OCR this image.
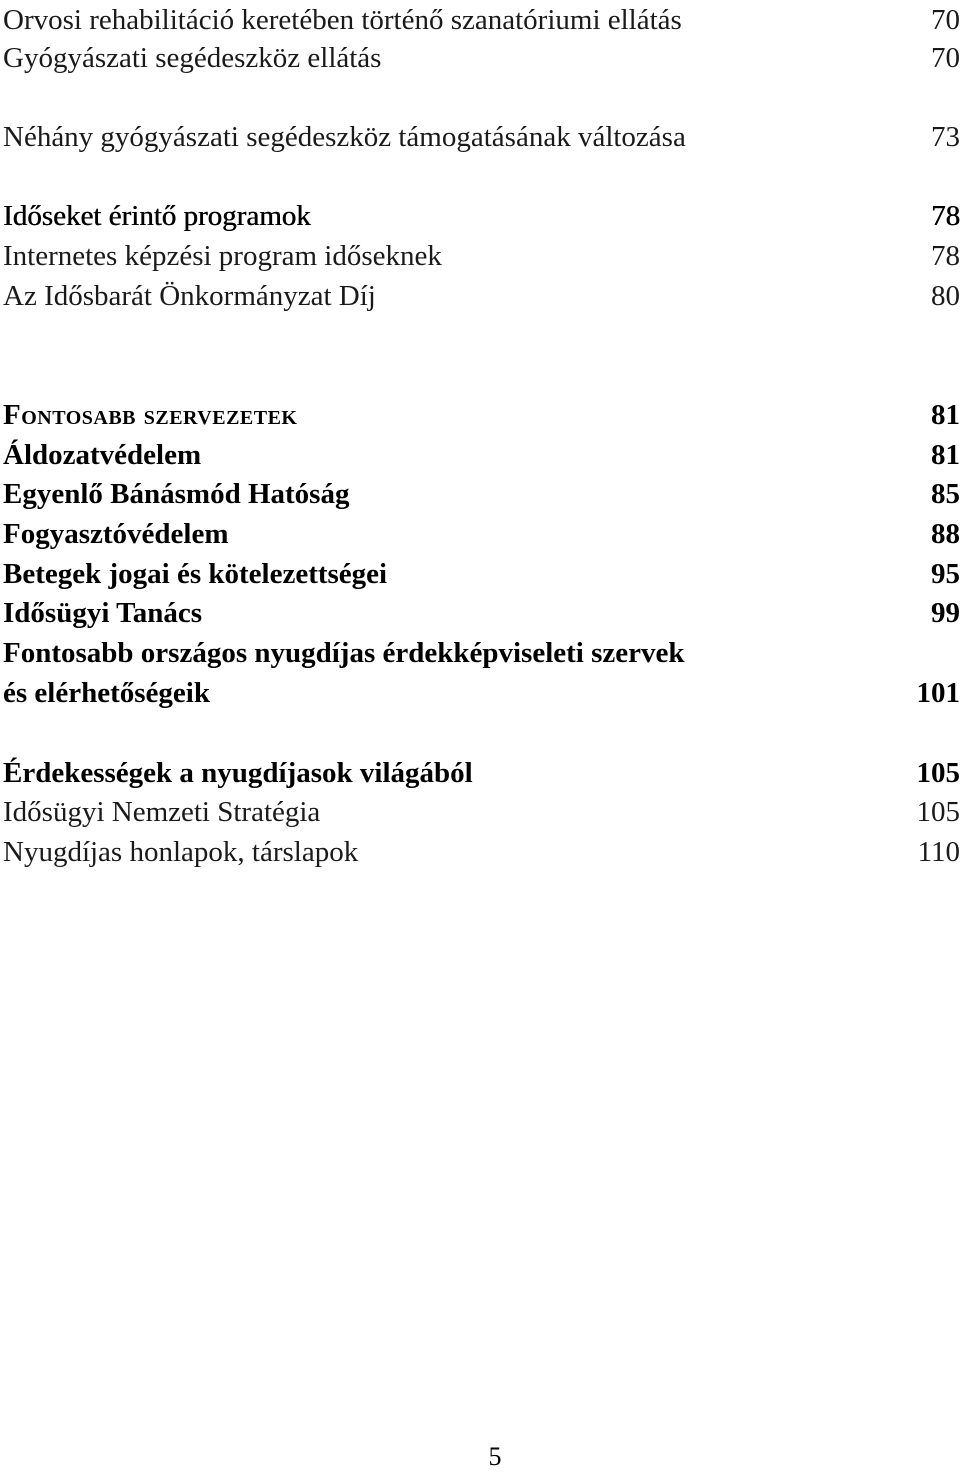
Orvosi rehabilitáció keretében történő szanatóriumi ellátás	70
Gyógyászati segédeszköz ellátás	70
Néhány gyógyászati segédeszköz támogatásának változása	73
Időseket érintő programok	78
Internetes képzési program időseknek	78
Az Idősbarát Önkormányzat Díj	80
Fontosabb szervezetek	81
Áldozatvédelem	81
Egyenlő Bánásmód Hatóság	85
Fogyasztóvédelem	88
Betegek jogai és kötelezettségei	95
Idősügyi Tanács	99
Fontosabb országos nyugdíjas érdekképviseleti szervek
és elérhetőségeik	101
Érdekességek a nyugdíjasok világából	105
Idősügyi Nemzeti Stratégia	105
Nyugdíjas honlapok, társlapok	110
5
